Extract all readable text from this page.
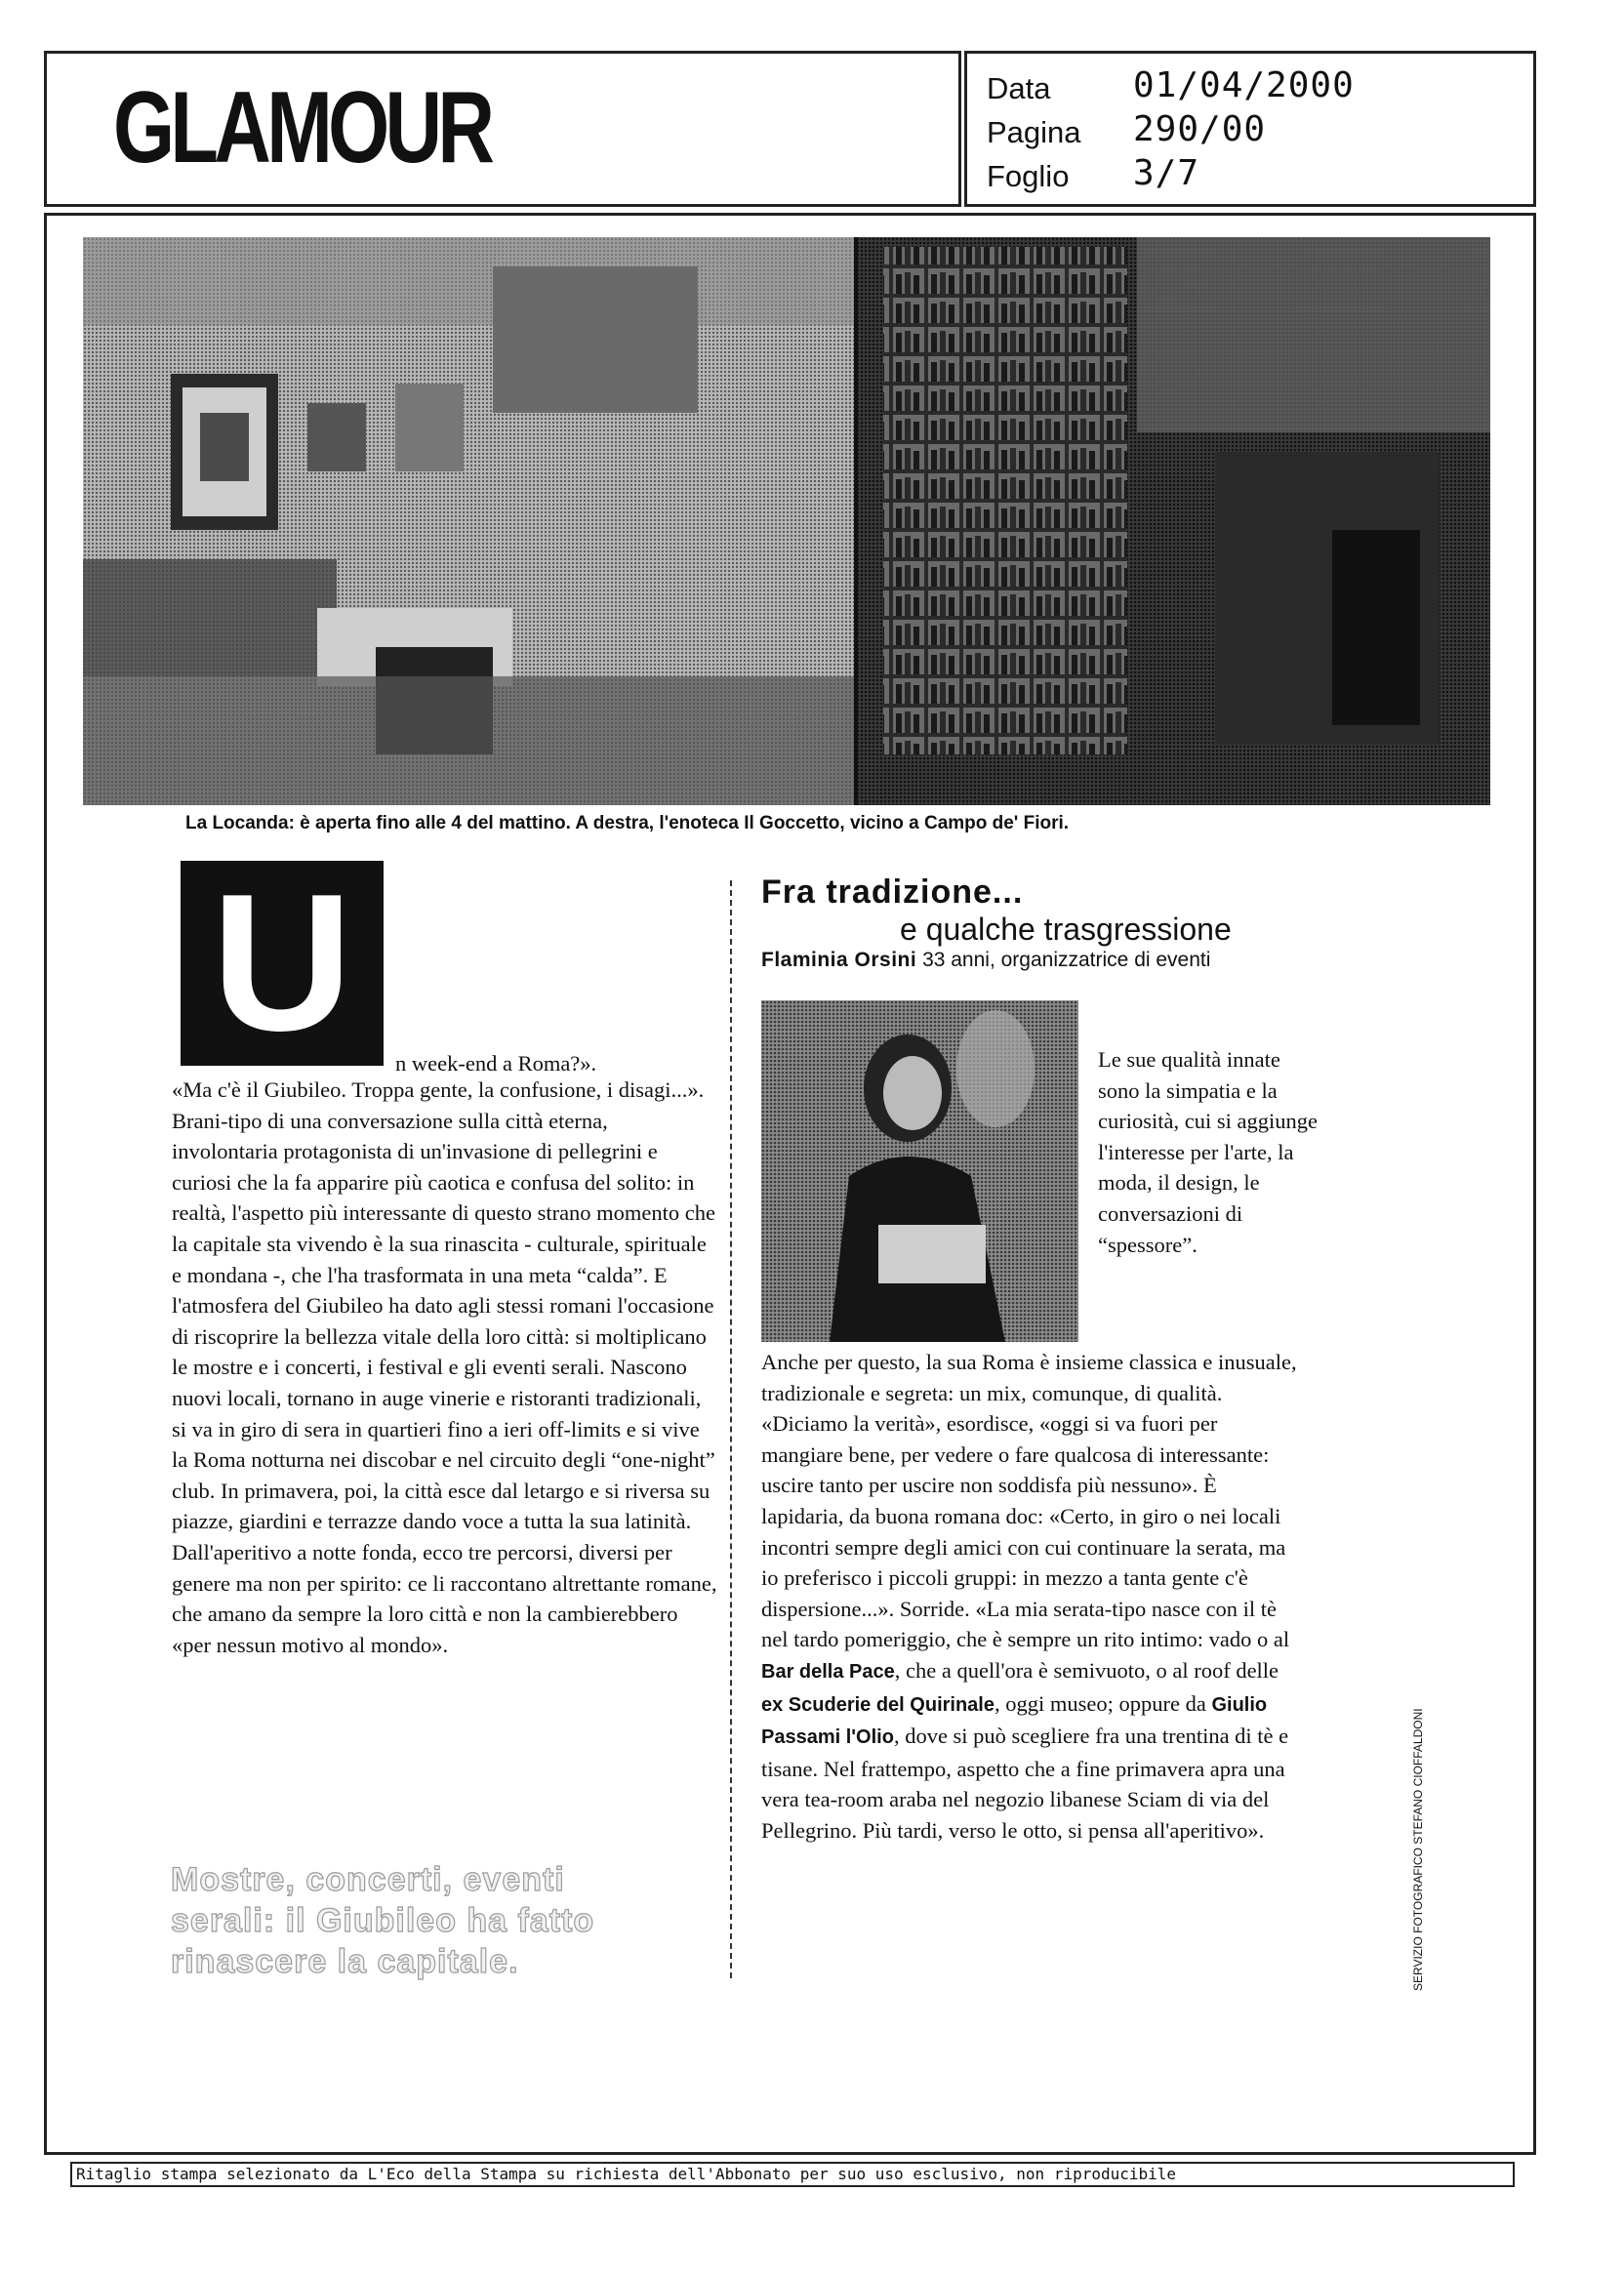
GLAMOUR	Data 01/04/2000
Pagina 290/00
Foglio 3/7
La Locanda: è aperta fino alle 4 del mattino. A destra, l'enoteca Il Goccetto, vicino a Campo de' Fiori.
U	n week-end a Roma?».
«Ma c'è il Giubileo. Troppa gente, la confusione, i disagi...». Brani-tipo di una conversazione sulla città eterna, involontaria protagonista di un'invasione di pellegrini e curiosi che la fa apparire più caotica e confusa del solito: in realtà, l'aspetto più interessante di questo strano momento che la capitale sta vivendo è la sua rinascita - culturale, spirituale e mondana -, che l'ha trasformata in una meta “calda”. E l'atmosfera del Giubileo ha dato agli stessi romani l'occasione di riscoprire la bellezza vitale della loro città: si moltiplicano le mostre e i concerti, i festival e gli eventi serali. Nascono nuovi locali, tornano in auge vinerie e ristoranti tradizionali, si va in giro di sera in quartieri fino a ieri off-limits e si vive la Roma notturna nei discobar e nel circuito degli “one-night” club. In primavera, poi, la città esce dal letargo e si riversa su piazze, giardini e terrazze dando voce a tutta la sua latinità. Dall'aperitivo a notte fonda, ecco tre percorsi, diversi per genere ma non per spirito: ce li raccontano altrettante romane, che amano da sempre la loro città e non la cambierebbero «per nessun motivo al mondo».
Mostre, concerti, eventi serali: il Giubileo ha fatto rinascere la capitale.
Fra tradizione...
e qualche trasgressione
Flaminia Orsini 33 anni, organizzatrice di eventi
Le sue qualità innate sono la simpatia e la curiosità, cui si aggiunge l'interesse per l'arte, la moda, il design, le conversazioni di “spessore”.
Anche per questo, la sua Roma è insieme classica e inusuale, tradizionale e segreta: un mix, comunque, di qualità. «Diciamo la verità», esordisce, «oggi si va fuori per mangiare bene, per vedere o fare qualcosa di interessante: uscire tanto per uscire non soddisfa più nessuno». È lapidaria, da buona romana doc: «Certo, in giro o nei locali incontri sempre degli amici con cui continuare la serata, ma io preferisco i piccoli gruppi: in mezzo a tanta gente c'è dispersione...». Sorride. «La mia serata-tipo nasce con il tè nel tardo pomeriggio, che è sempre un rito intimo: vado o al Bar della Pace, che a quell'ora è semivuoto, o al roof delle ex Scuderie del Quirinale, oggi museo; oppure da Giulio Passami l'Olio, dove si può scegliere fra una trentina di tè e tisane. Nel frattempo, aspetto che a fine primavera apra una vera tea-room araba nel negozio libanese Sciam di via del Pellegrino. Più tardi, verso le otto, si pensa all'aperitivo».	SERVIZIO FOTOGRAFICO STEFANO CIOFFALDONI
Ritaglio stampa selezionato da L'Eco della Stampa su richiesta dell'Abbonato per suo uso esclusivo, non riproducibile
